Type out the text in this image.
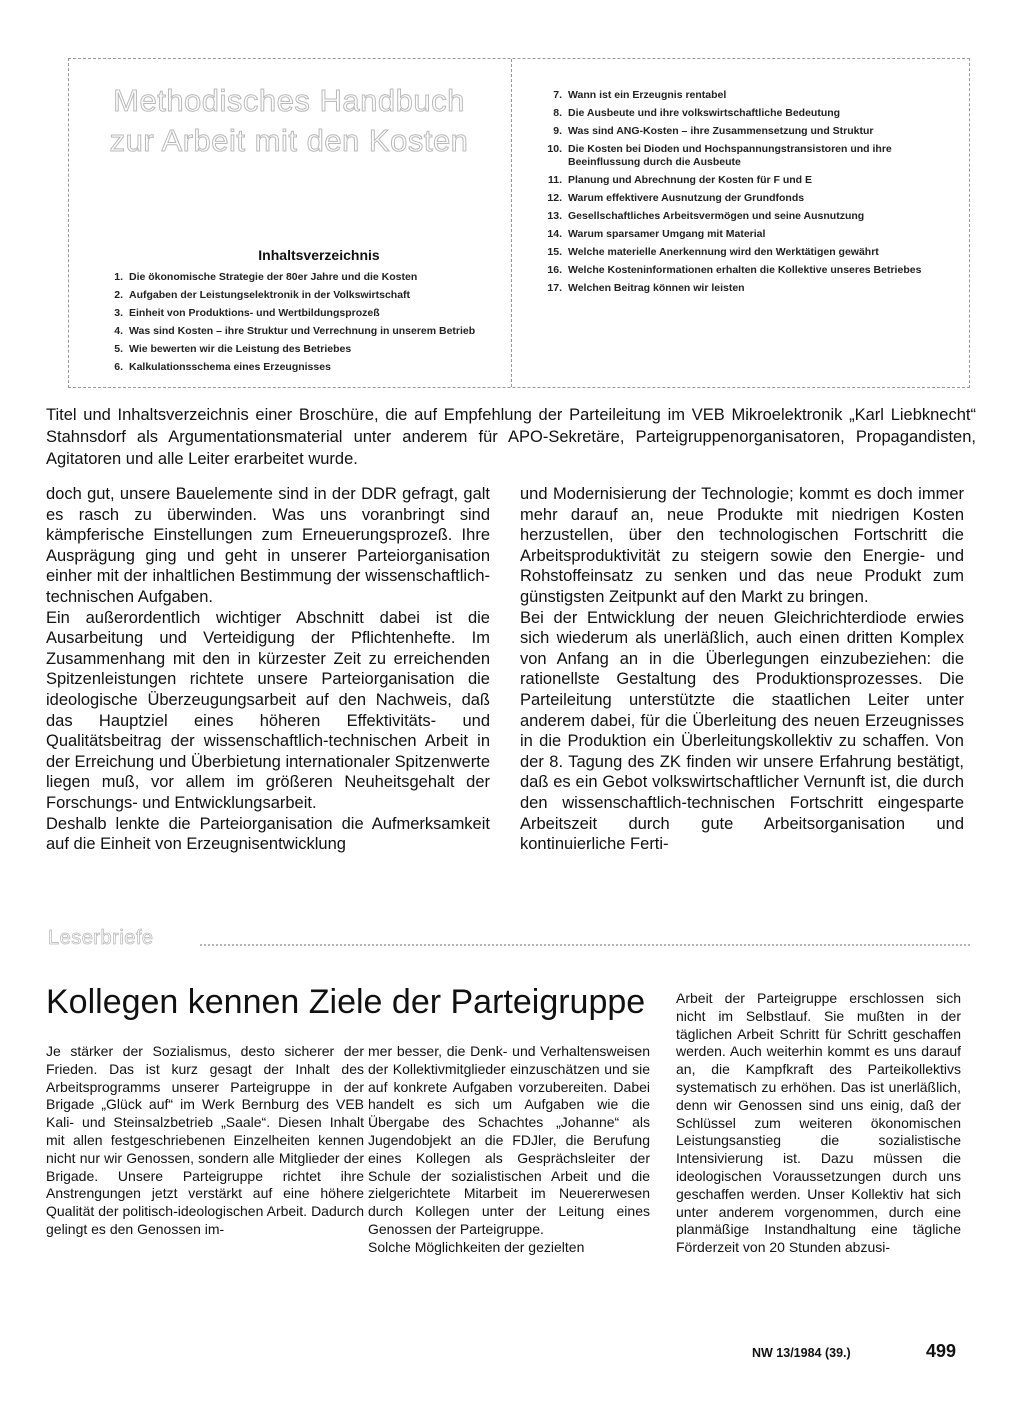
Methodisches Handbuch
zur Arbeit mit den Kosten
Inhaltsverzeichnis
1. Die ökonomische Strategie der 80er Jahre und die Kosten
2. Aufgaben der Leistungselektronik in der Volkswirtschaft
3. Einheit von Produktions- und Wertbildungsprozeß
4. Was sind Kosten – ihre Struktur und Verrechnung in unserem Betrieb
5. Wie bewerten wir die Leistung des Betriebes
6. Kalkulationsschema eines Erzeugnisses
7. Wann ist ein Erzeugnis rentabel
8. Die Ausbeute und ihre volkswirtschaftliche Bedeutung
9. Was sind ANG-Kosten – ihre Zusammensetzung und Struktur
10. Die Kosten bei Dioden und Hochspannungstransistoren und ihre Beeinflussung durch die Ausbeute
11. Planung und Abrechnung der Kosten für F und E
12. Warum effektivere Ausnutzung der Grundfonds
13. Gesellschaftliches Arbeitsvermögen und seine Ausnutzung
14. Warum sparsamer Umgang mit Material
15. Welche materielle Anerkennung wird den Werktätigen gewährt
16. Welche Kosteninformationen erhalten die Kollektive unseres Betriebes
17. Welchen Beitrag können wir leisten
Titel und Inhaltsverzeichnis einer Broschüre, die auf Empfehlung der Parteileitung im VEB Mikroelektronik „Karl Liebknecht“ Stahnsdorf als Argumentationsmaterial unter anderem für APO-Sekretäre, Parteigruppenorganisatoren, Propagandisten, Agitatoren und alle Leiter erarbeitet wurde.

doch gut, unsere Bauelemente sind in der DDR gefragt, galt es rasch zu überwinden. Was uns voranbringt sind kämpferische Einstellungen zum Erneuerungsprozeß. Ihre Ausprägung ging und geht in unserer Parteiorganisation einher mit der inhaltlichen Bestimmung der wissenschaftlich-technischen Aufgaben.

Ein außerordentlich wichtiger Abschnitt dabei ist die Ausarbeitung und Verteidigung der Pflichtenhefte. Im Zusammenhang mit den in kürzester Zeit zu erreichenden Spitzenleistungen richtete unsere Parteiorganisation die ideologische Überzeugungsarbeit auf den Nachweis, daß das Hauptziel eines höheren Effektivitäts- und Qualitätsbeitrag der wissenschaftlich-technischen Arbeit in der Erreichung und Überbietung internationaler Spitzenwerte liegen muß, vor allem im größeren Neuheitsgehalt der Forschungs- und Entwicklungsarbeit.

Deshalb lenkte die Parteiorganisation die Aufmerksamkeit auf die Einheit von Erzeugnisentwicklung

und Modernisierung der Technologie; kommt es doch immer mehr darauf an, neue Produkte mit niedrigen Kosten herzustellen, über den technologischen Fortschritt die Arbeitsproduktivität zu steigern sowie den Energie- und Rohstoffeinsatz zu senken und das neue Produkt zum günstigsten Zeitpunkt auf den Markt zu bringen.

Bei der Entwicklung der neuen Gleichrichterdiode erwies sich wiederum als unerläßlich, auch einen dritten Komplex von Anfang an in die Überlegungen einzubeziehen: die rationellste Gestaltung des Produktionsprozesses. Die Parteileitung unterstützte die staatlichen Leiter unter anderem dabei, für die Überleitung des neuen Erzeugnisses in die Produktion ein Überleitungskollektiv zu schaffen. Von der 8. Tagung des ZK finden wir unsere Erfahrung bestätigt, daß es ein Gebot volkswirtschaftlicher Vernunft ist, die durch den wissenschaftlich-technischen Fortschritt eingesparte Arbeitszeit durch gute Arbeitsorganisation und kontinuierliche Ferti-

Leserbriefe
Kollegen kennen Ziele der Parteigruppe

Je stärker der Sozialismus, desto sicherer der Frieden. Das ist kurz gesagt der Inhalt des Arbeitsprogramms unserer Parteigruppe in der Brigade „Glück auf“ im Werk Bernburg des VEB Kali- und Steinsalzbetrieb „Saale“. Diesen Inhalt mit allen festgeschriebenen Einzelheiten kennen nicht nur wir Genossen, sondern alle Mitglieder der Brigade. Unsere Parteigruppe richtet ihre Anstrengungen jetzt verstärkt auf eine höhere Qualität der politisch-ideologischen Arbeit. Dadurch gelingt es den Genossen im-

mer besser, die Denk- und Verhaltensweisen der Kollektivmitglieder einzuschätzen und sie auf konkrete Aufgaben vorzubereiten. Dabei handelt es sich um Aufgaben wie die Übergabe des Schachtes „Johanne“ als Jugendobjekt an die FDJler, die Berufung eines Kollegen als Gesprächsleiter der Schule der sozialistischen Arbeit und die zielgerichtete Mitarbeit im Neuererwesen durch Kollegen unter der Leitung eines Genossen der Parteigruppe.

Solche Möglichkeiten der gezielten

Arbeit der Parteigruppe erschlossen sich nicht im Selbstlauf. Sie mußten in der täglichen Arbeit Schritt für Schritt geschaffen werden. Auch weiterhin kommt es uns darauf an, die Kampfkraft des Parteikollektivs systematisch zu erhöhen. Das ist unerläßlich, denn wir Genossen sind uns einig, daß der Schlüssel zum weiteren ökonomischen Leistungsanstieg die sozialistische Intensivierung ist. Dazu müssen die ideologischen Voraussetzungen durch uns geschaffen werden. Unser Kollektiv hat sich unter anderem vorgenommen, durch eine planmäßige Instandhaltung eine tägliche Förderzeit von 20 Stunden abzusi-

NW 13/1984 (39.)	499
